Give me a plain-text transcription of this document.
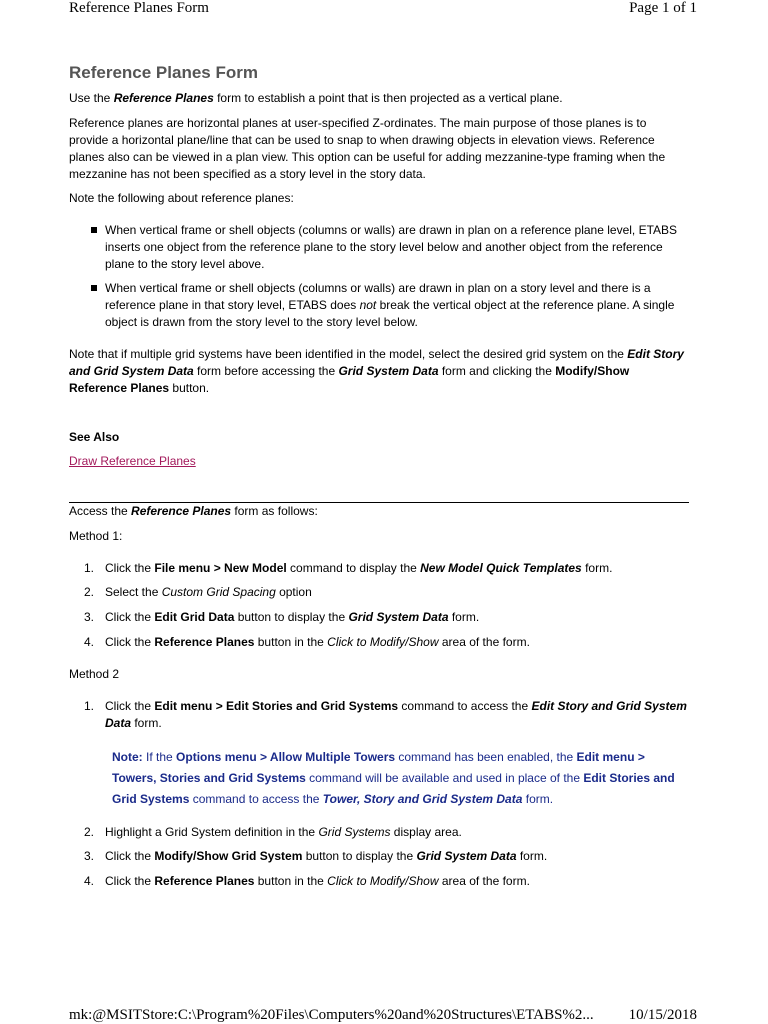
Reference Planes Form	Page 1 of 1
Reference Planes Form
Use the Reference Planes form to establish a point that is then projected as a vertical plane.
Reference planes are horizontal planes at user-specified Z-ordinates. The main purpose of those planes is to provide a horizontal plane/line that can be used to snap to when drawing objects in elevation views. Reference planes also can be viewed in a plan view. This option can be useful for adding mezzanine-type framing when the mezzanine has not been specified as a story level in the story data.
Note the following about reference planes:
When vertical frame or shell objects (columns or walls) are drawn in plan on a reference plane level, ETABS inserts one object from the reference plane to the story level below and another object from the reference plane to the story level above.
When vertical frame or shell objects (columns or walls) are drawn in plan on a story level and there is a reference plane in that story level, ETABS does not break the vertical object at the reference plane. A single object is drawn from the story level to the story level below.
Note that if multiple grid systems have been identified in the model, select the desired grid system on the Edit Story and Grid System Data form before accessing the Grid System Data form and clicking the Modify/Show Reference Planes button.
See Also
Draw Reference Planes
Access the Reference Planes form as follows:
Method 1:
1. Click the File menu > New Model command to display the New Model Quick Templates form.
2. Select the Custom Grid Spacing option
3. Click the Edit Grid Data button to display the Grid System Data form.
4. Click the Reference Planes button in the Click to Modify/Show area of the form.
Method 2
1. Click the Edit menu > Edit Stories and Grid Systems command to access the Edit Story and Grid System Data form.
Note: If the Options menu > Allow Multiple Towers command has been enabled, the Edit menu > Towers, Stories and Grid Systems command will be available and used in place of the Edit Stories and Grid Systems command to access the Tower, Story and Grid System Data form.
2. Highlight a Grid System definition in the Grid Systems display area.
3. Click the Modify/Show Grid System button to display the Grid System Data form.
4. Click the Reference Planes button in the Click to Modify/Show area of the form.
mk:@MSITStore:C:\Program%20Files\Computers%20and%20Structures\ETABS%2... 10/15/2018
